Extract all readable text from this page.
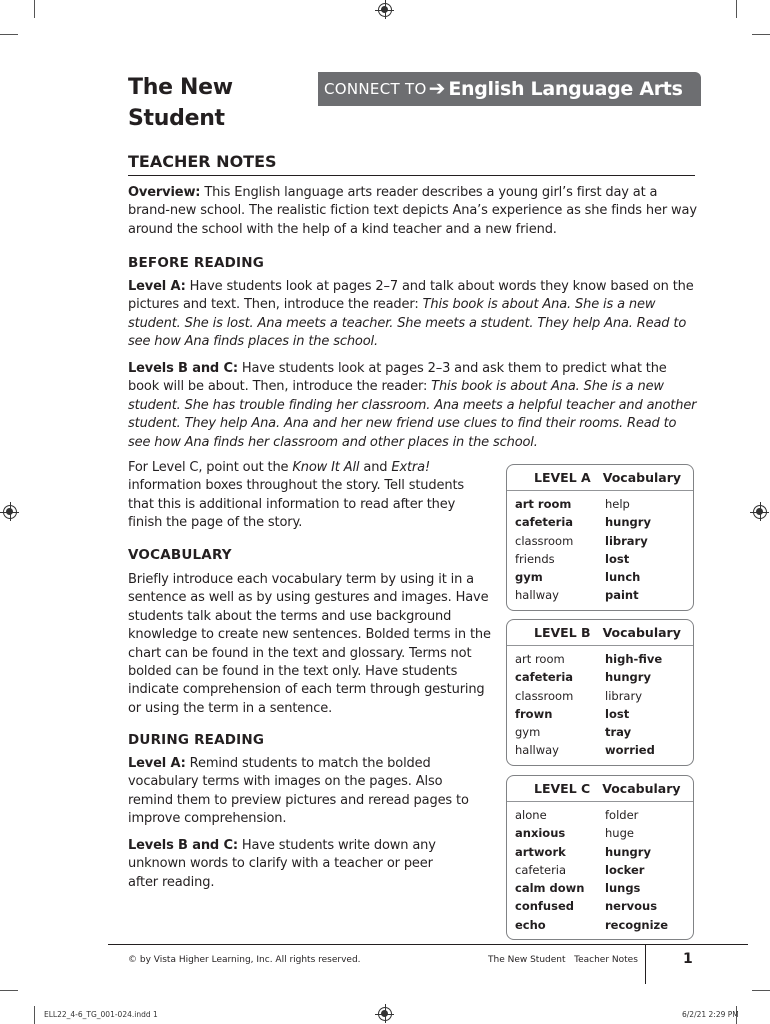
The New
Student
CONNECT TO ➔ English Language Arts
TEACHER NOTES
Overview: This English language arts reader describes a young girl’s first day at a brand-new school. The realistic fiction text depicts Ana’s experience as she finds her way around the school with the help of a kind teacher and a new friend.
BEFORE READING
Level A: Have students look at pages 2–7 and talk about words they know based on the pictures and text. Then, introduce the reader: This book is about Ana. She is a new student. She is lost. Ana meets a teacher. She meets a student. They help Ana. Read to see how Ana finds places in the school.
Levels B and C: Have students look at pages 2–3 and ask them to predict what the book will be about. Then, introduce the reader: This book is about Ana. She is a new student. She has trouble finding her classroom. Ana meets a helpful teacher and another student. They help Ana. Ana and her new friend use clues to find their rooms. Read to see how Ana finds her classroom and other places in the school.
For Level C, point out the Know It All and Extra! information boxes throughout the story. Tell students that this is additional information to read after they finish the page of the story.
VOCABULARY
Briefly introduce each vocabulary term by using it in a sentence as well as by using gestures and images. Have students talk about the terms and use background knowledge to create new sentences. Bolded terms in the chart can be found in the text and glossary. Terms not bolded can be found in the text only. Have students indicate comprehension of each term through gesturing or using the term in a sentence.
DURING READING
Level A: Remind students to match the bolded vocabulary terms with images on the pages. Also remind them to preview pictures and reread pages to improve comprehension.
Levels B and C: Have students write down any unknown words to clarify with a teacher or peer after reading.
LEVEL A Vocabulary
art room	help
cafeteria	hungry
classroom	library
friends	lost
gym	lunch
hallway	paint
LEVEL B Vocabulary
art room	high-five
cafeteria	hungry
classroom	library
frown	lost
gym	tray
hallway	worried
LEVEL C Vocabulary
alone	folder
anxious	huge
artwork	hungry
cafeteria	locker
calm down	lungs
confused	nervous
echo	recognize
© by Vista Higher Learning, Inc. All rights reserved.	The New Student Teacher Notes	1
ELL22_4-6_TG_001-024.indd 1	6/2/21 2:29 PM
